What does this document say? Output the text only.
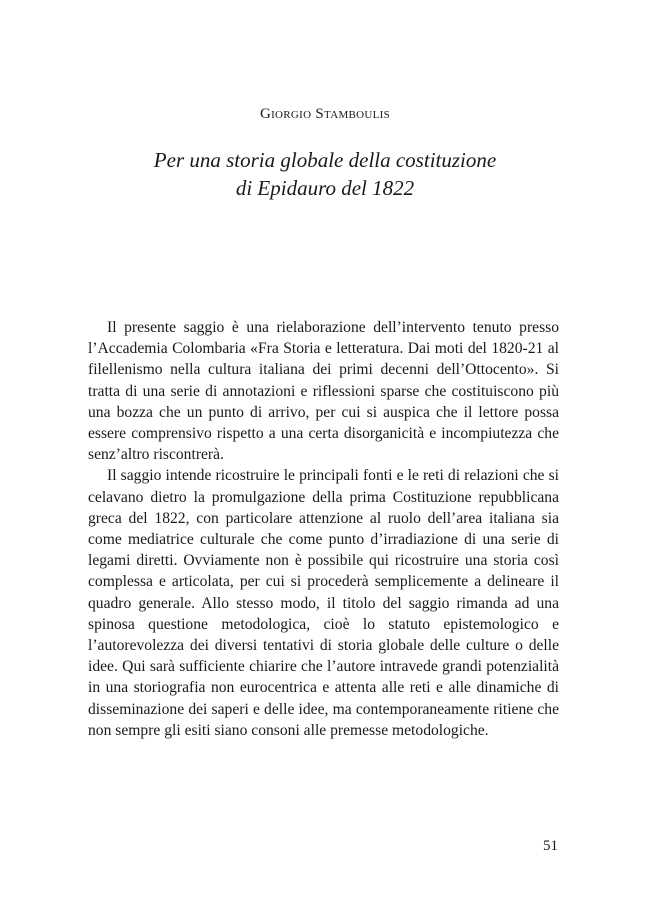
Giorgio Stamboulis
Per una storia globale della costituzione
di Epidauro del 1822

Il presente saggio è una rielaborazione dell’intervento tenuto presso l’Accademia Colombaria «Fra Storia e letteratura. Dai moti del 1820-21 al filellenismo nella cultura italiana dei primi decenni dell’Ottocento». Si tratta di una serie di annotazioni e riflessioni sparse che costituiscono più una bozza che un punto di arrivo, per cui si auspica che il lettore possa essere comprensivo rispetto a una certa disorganicità e incompiutezza che senz’altro riscontrerà.

Il saggio intende ricostruire le principali fonti e le reti di relazioni che si celavano dietro la promulgazione della prima Costituzione repubblicana greca del 1822, con particolare attenzione al ruolo dell’area italiana sia come mediatrice culturale che come punto d’irradiazione di una serie di legami diretti. Ovviamente non è possibile qui ricostruire una storia così complessa e articolata, per cui si procederà semplicemente a delineare il quadro generale. Allo stesso modo, il titolo del saggio rimanda ad una spinosa questione metodologica, cioè lo statuto epistemologico e l’autorevolezza dei diversi tentativi di storia globale delle culture o delle idee. Qui sarà sufficiente chiarire che l’autore intravede grandi potenzialità in una storiografia non eurocentrica e attenta alle reti e alle dinamiche di disseminazione dei saperi e delle idee, ma contemporaneamente ritiene che non sempre gli esiti siano consoni alle premesse metodologiche.

51
